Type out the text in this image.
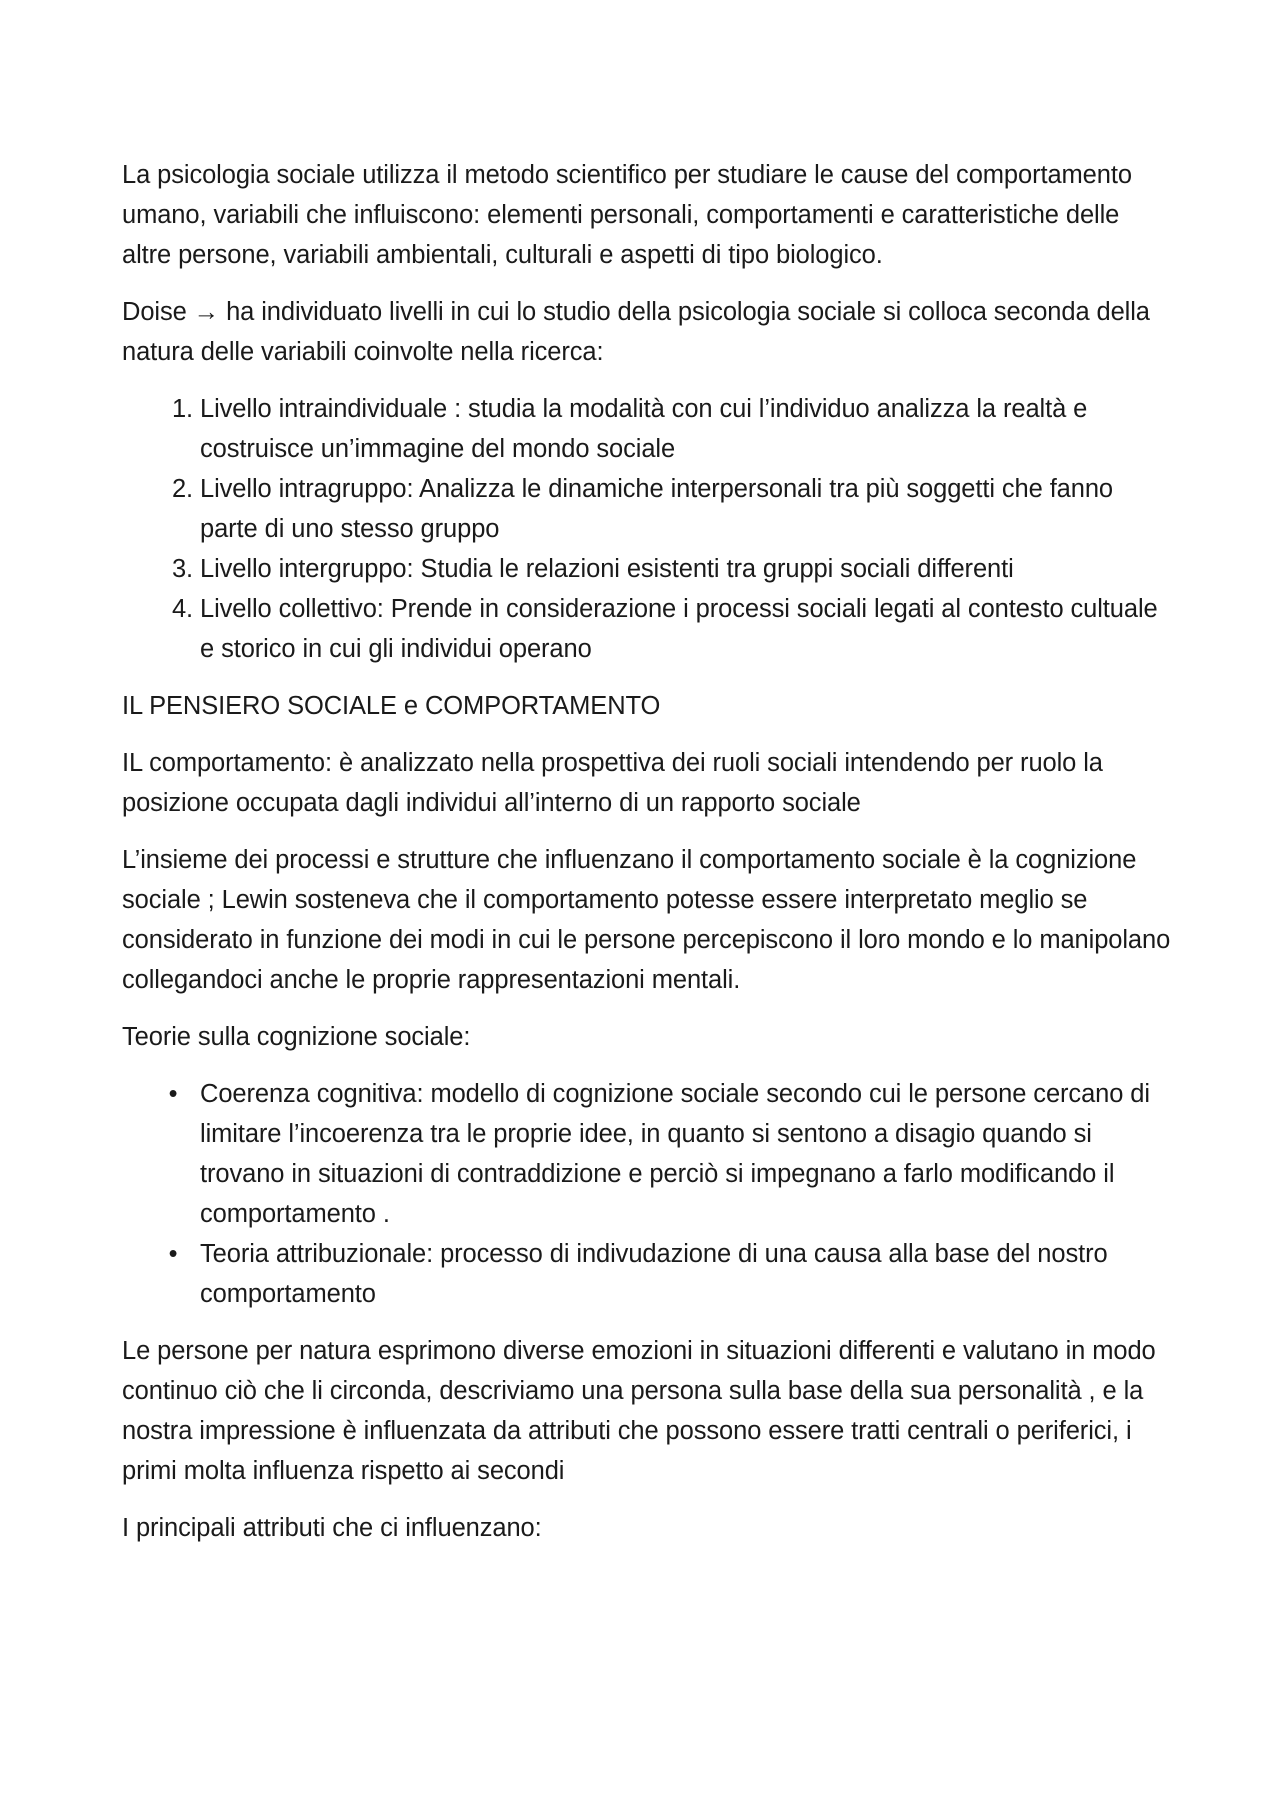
La psicologia sociale utilizza il metodo scientifico per studiare le cause del comportamento umano, variabili che influiscono: elementi personali, comportamenti e caratteristiche delle altre persone, variabili ambientali, culturali e aspetti di tipo biologico.

Doise → ha individuato livelli in cui lo studio della psicologia sociale si colloca seconda della natura delle variabili coinvolte nella ricerca:

1. Livello intraindividuale : studia la modalità con cui l’individuo analizza la realtà e costruisce un’immagine del mondo sociale
2. Livello intragruppo: Analizza le dinamiche interpersonali tra più soggetti che fanno parte di uno stesso gruppo
3. Livello intergruppo: Studia le relazioni esistenti tra gruppi sociali differenti
4. Livello collettivo: Prende in considerazione i processi sociali legati al contesto cultuale e storico in cui gli individui operano

IL PENSIERO SOCIALE e COMPORTAMENTO

IL comportamento: è analizzato nella prospettiva dei ruoli sociali intendendo per ruolo la posizione occupata dagli individui all’interno di un rapporto sociale

L’insieme dei processi e strutture che influenzano il comportamento sociale è la cognizione sociale ; Lewin sosteneva che il comportamento potesse essere interpretato meglio se considerato in funzione dei modi in cui le persone percepiscono il loro mondo e lo manipolano collegandoci anche le proprie rappresentazioni mentali.

Teorie sulla cognizione sociale:

• Coerenza cognitiva: modello di cognizione sociale secondo cui le persone cercano di limitare l’incoerenza tra le proprie idee, in quanto si sentono a disagio quando si trovano in situazioni di contraddizione e perciò si impegnano a farlo modificando il comportamento .
• Teoria attribuzionale: processo di indivudazione di una causa alla base del nostro comportamento

Le persone per natura esprimono diverse emozioni in situazioni differenti e valutano in modo continuo ciò che li circonda, descriviamo una persona sulla base della sua personalità , e la nostra impressione è influenzata da attributi che possono essere tratti centrali o periferici, i primi molta influenza rispetto ai secondi

I principali attributi che ci influenzano:
